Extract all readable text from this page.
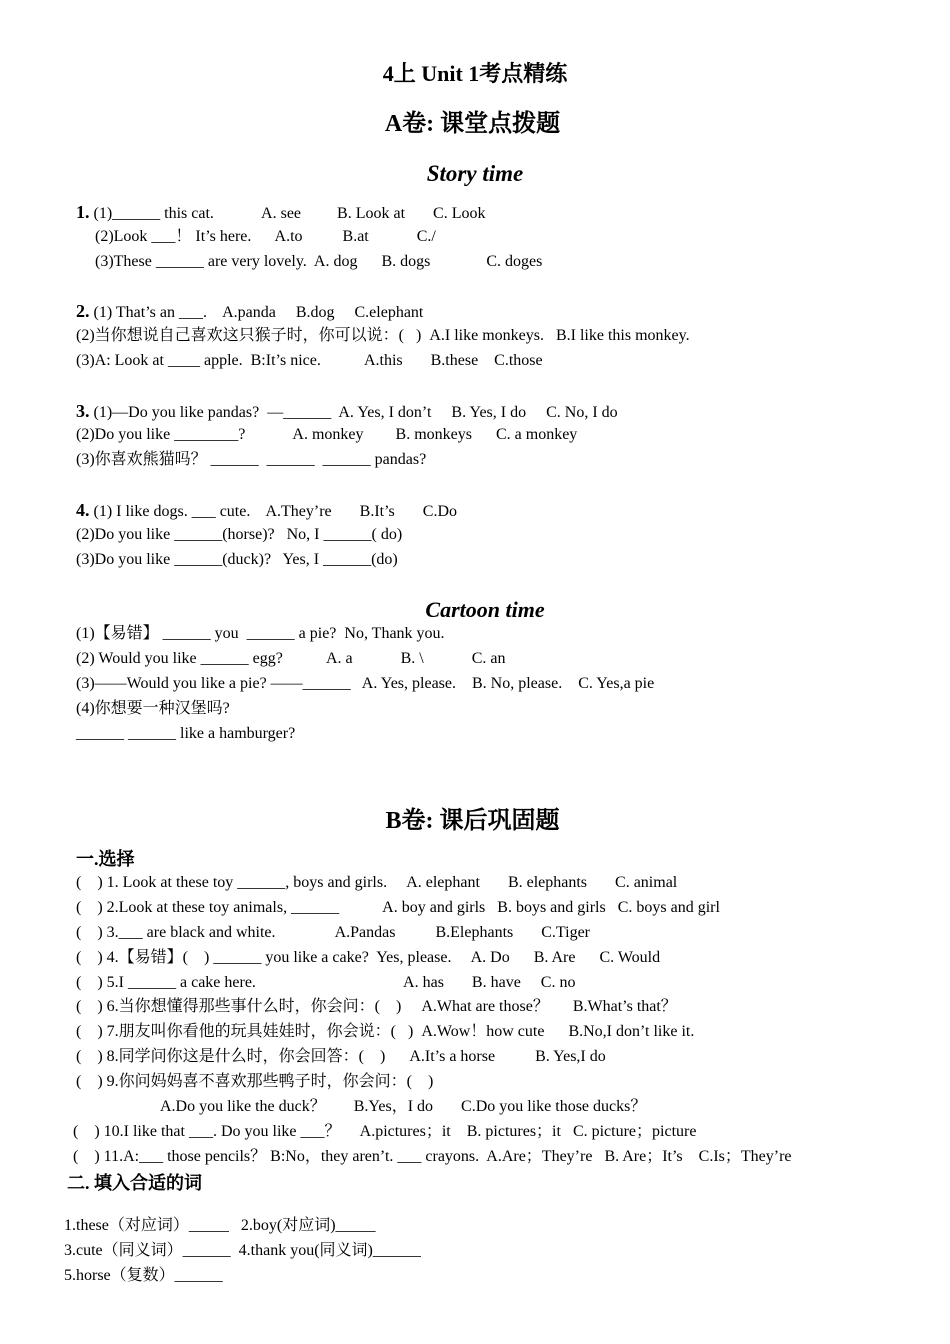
4上 Unit 1考点精练
A卷: 课堂点拨题
Story time
1. (1)______ this cat.            A. see         B. Look at       C. Look
(2)Look ___！ It’s here.      A.to          B.at            C./
(3)These ______ are very lovely.  A. dog      B. dogs              C. doges
2. (1) That’s an ___.    A.panda     B.dog     C.elephant
(2)当你想说自己喜欢这只猴子时，你可以说：(   )  A.I like monkeys.   B.I like this monkey.
(3)A: Look at ____ apple.  B:It’s nice.           A.this       B.these    C.those
3. (1)—Do you like pandas?  —______  A. Yes, I don’t     B. Yes, I do     C. No, I do
(2)Do you like ________?            A. monkey        B. monkeys      C. a monkey
(3)你喜欢熊猫吗？ ______  ______  ______ pandas?
4. (1) I like dogs. ___ cute.    A.They’re       B.It’s       C.Do
(2)Do you like ______(horse)?   No, I ______( do)
(3)Do you like ______(duck)?   Yes, I ______(do)
Cartoon time
(1)【易错】 ______ you  ______ a pie?  No, Thank you.
(2) Would you like ______ egg?           A. a            B. \            C. an
(3)——Would you like a pie? ——______   A. Yes, please.    B. No, please.    C. Yes,a pie
(4)你想要一种汉堡吗?
______ ______ like a hamburger?
B卷: 课后巩固题
一.选择
(    ) 1. Look at these toy ______, boys and girls.     A. elephant       B. elephants       C. animal
(    ) 2.Look at these toy animals, ______           A. boy and girls   B. boys and girls   C. boys and girl
(    ) 3.___ are black and white.               A.Pandas          B.Elephants       C.Tiger
(    ) 4.【易错】(    ) ______ you like a cake?  Yes, please.     A. Do      B. Are      C. Would
(    ) 5.I ______ a cake here.                                     A. has       B. have     C. no
(    ) 6.当你想懂得那些事什么时，你会问：(    )     A.What are those？      B.What’s that？
(    ) 7.朋友叫你看他的玩具娃娃时，你会说：(   )  A.Wow！how cute      B.No,I don’t like it.
(    ) 8.同学问你这是什么时，你会回答：(    )      A.It’s a horse          B. Yes,I do
(    ) 9.你问妈妈喜不喜欢那些鸭子时，你会问：(    )
A.Do you like the duck？       B.Yes，I do       C.Do you like those ducks？
(    ) 10.I like that ___. Do you like ___？     A.pictures；it    B. pictures；it   C. picture；picture
(    ) 11.A:___ those pencils？ B:No，they aren’t. ___ crayons.  A.Are；They’re   B. Are；It’s    C.Is；They’re
二. 填入合适的词
1.these（对应词）_____   2.boy(对应词)_____
3.cute（同义词）______  4.thank you(同义词)______
5.horse（复数）______
